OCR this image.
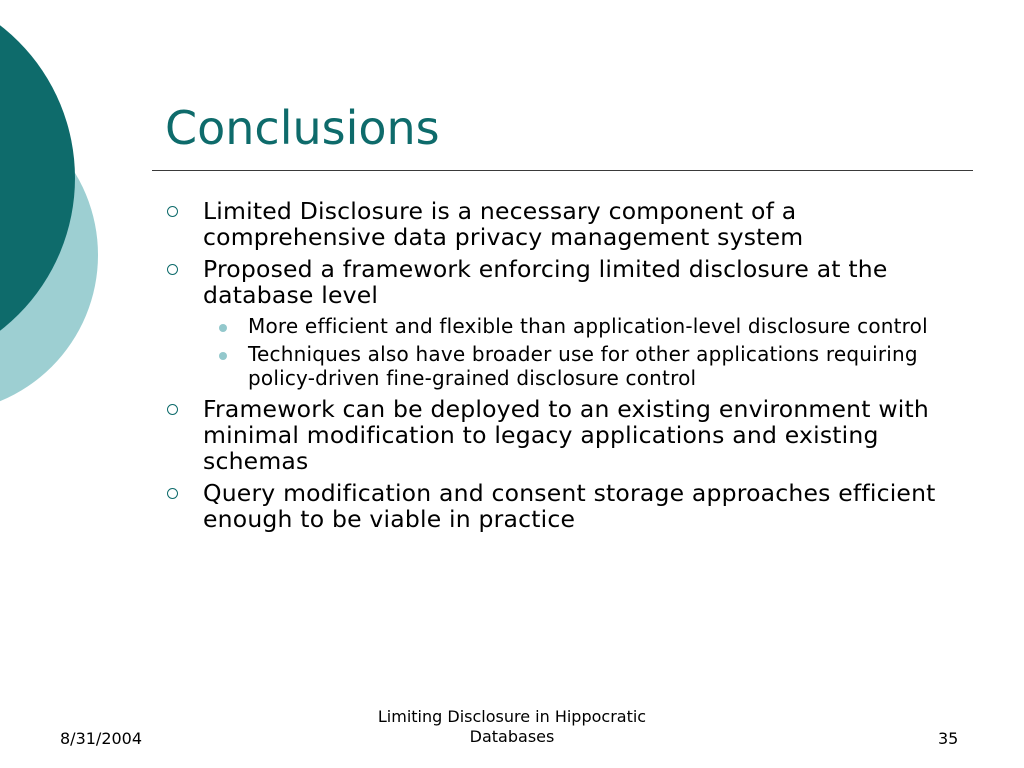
Conclusions
Limited Disclosure is a necessary component of a comprehensive data privacy management system
Proposed a framework enforcing limited disclosure at the database level
More efficient and flexible than application-level disclosure control
Techniques also have broader use for other applications requiring policy-driven fine-grained disclosure control
Framework can be deployed to an existing environment with minimal modification to legacy applications and existing schemas
Query modification and consent storage approaches efficient enough to be viable in practice
8/31/2004
Limiting Disclosure in Hippocratic
Databases	35
